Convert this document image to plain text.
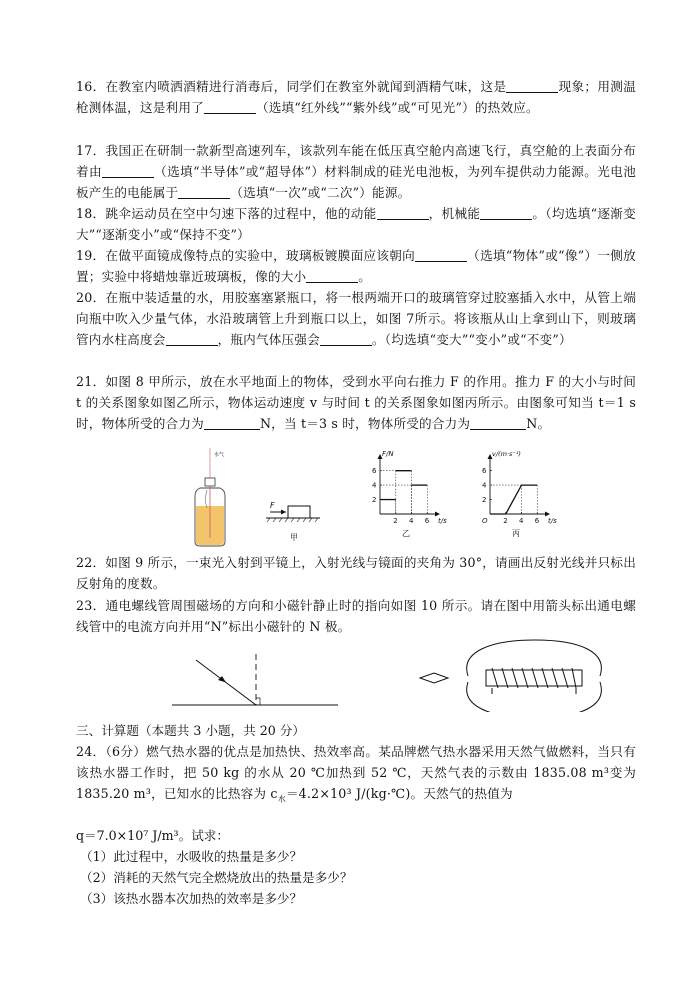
16．在教室内喷洒酒精进行消毒后，同学们在教室外就闻到酒精气味，这是	现象；用测温枪测体温，这是利用了	（选填“红外线”“紫外线”或“可见光”）的热效应。
17．我国正在研制一款新型高速列车，该款列车能在低压真空舱内高速飞行，真空舱的上表面分布着由	（选填“半导体”或“超导体”）材料制成的硅光电池板，为列车提供动力能源。光电池板产生的电能属于	（选填“一次”或“二次”）能源。
18．跳伞运动员在空中匀速下落的过程中，他的动能	，机械能	。（均选填“逐渐变大”“逐渐变小”或“保持不变”）
19．在做平面镜成像特点的实验中，玻璃板镀膜面应该朝向	（选填“物体”或“像”）一侧放置；实验中将蜡烛靠近玻璃板，像的大小	。
20．在瓶中装适量的水，用胶塞塞紧瓶口，将一根两端开口的玻璃管穿过胶塞插入水中，从管上端向瓶中吹入少量气体，水沿玻璃管上升到瓶口以上，如图 7所示。将该瓶从山上拿到山下，则玻璃管内水柱高度会	，瓶内气体压强会	。（均选填“变大”“变小”或“不变”）
21．如图 8 甲所示，放在水平地面上的物体，受到水平向右推力 F 的作用。推力 F 的大小与时间 t 的关系图象如图乙所示，物体运动速度 v 与时间 t 的关系图象如图丙所示。由图象可知当 t＝1 s 时，物体所受的合力为	N，当 t＝3 s 时，物体所受的合力为	N。
水气
F
甲
F/N
t/s
乙
2 4 6
2
4
6
v/(m·s⁻¹)
t/s
O
丙
2 4 6
2
4
6
22．如图 9 所示，一束光入射到平镜上，入射光线与镜面的夹角为 30°，请画出反射光线并只标出反射角的度数。
23．通电螺线管周围磁场的方向和小磁针静止时的指向如图 10 所示。请在图中用箭头标出通电螺线管中的电流方向并用“N”标出小磁针的 N 极。
三、计算题（本题共 3 小题，共 20 分）
24．（6分）燃气热水器的优点是加热快、热效率高。某品牌燃气热水器采用天然气做燃料，当只有该热水器工作时，把 50 kg 的水从 20 ℃加热到 52 ℃，天然气表的示数由 1835.08 m³变为 1835.20 m³，已知水的比热容为 $c_水=4.2\times 10^3$ J/(kg·℃)。天然气的热值为
q＝7.0×10⁷ J/m³。试求：
（1）此过程中，水吸收的热量是多少？
（2）消耗的天然气完全燃烧放出的热量是多少？
（3）该热水器本次加热的效率是多少？
